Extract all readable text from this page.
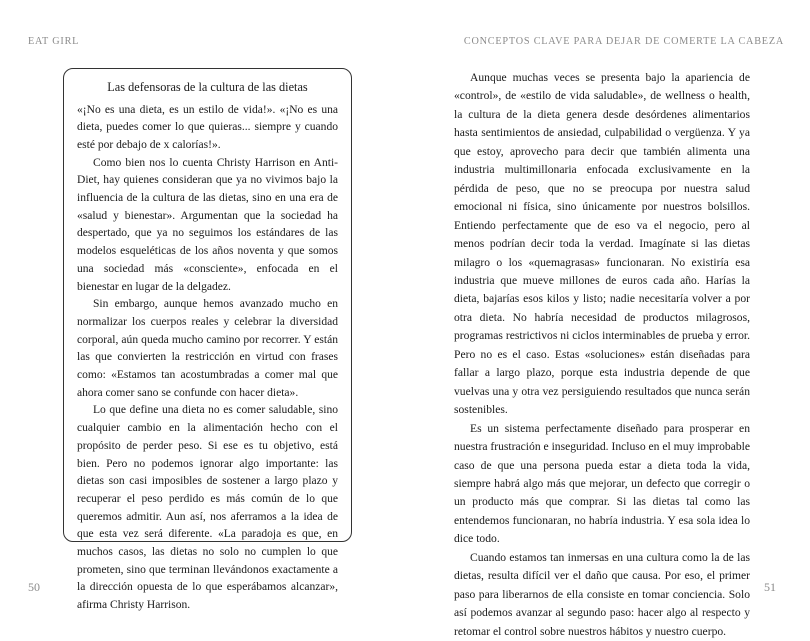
EAT GIRL
Las defensoras de la cultura de las dietas

«¡No es una dieta, es un estilo de vida!». «¡No es una dieta, puedes comer lo que quieras... siempre y cuando esté por debajo de x calorías!».

Como bien nos lo cuenta Christy Harrison en Anti-Diet, hay quienes consideran que ya no vivimos bajo la influencia de la cultura de las dietas, sino en una era de «salud y bienestar». Argumentan que la sociedad ha despertado, que ya no seguimos los estándares de las modelos esqueléticas de los años noventa y que somos una sociedad más «consciente», enfocada en el bienestar en lugar de la delgadez.

Sin embargo, aunque hemos avanzado mucho en normalizar los cuerpos reales y celebrar la diversidad corporal, aún queda mucho camino por recorrer. Y están las que convierten la restricción en virtud con frases como: «Estamos tan acostumbradas a comer mal que ahora comer sano se confunde con hacer dieta».

Lo que define una dieta no es comer saludable, sino cualquier cambio en la alimentación hecho con el propósito de perder peso. Si ese es tu objetivo, está bien. Pero no podemos ignorar algo importante: las dietas son casi imposibles de sostener a largo plazo y recuperar el peso perdido es más común de lo que queremos admitir. Aun así, nos aferramos a la idea de que esta vez será diferente. «La paradoja es que, en muchos casos, las dietas no solo no cumplen lo que prometen, sino que terminan llevándonos exactamente a la dirección opuesta de lo que esperábamos alcanzar», afirma Christy Harrison.

50
CONCEPTOS CLAVE PARA DEJAR DE COMERTE LA CABEZA
51

Aunque muchas veces se presenta bajo la apariencia de «control», de «estilo de vida saludable», de wellness o health, la cultura de la dieta genera desde desórdenes alimentarios hasta sentimientos de ansiedad, culpabilidad o vergüenza. Y ya que estoy, aprovecho para decir que también alimenta una industria multimillonaria enfocada exclusivamente en la pérdida de peso, que no se preocupa por nuestra salud emocional ni física, sino únicamente por nuestros bolsillos. Entiendo perfectamente que de eso va el negocio, pero al menos podrían decir toda la verdad. Imagínate si las dietas milagro o los «quemagrasas» funcionaran. No existiría esa industria que mueve millones de euros cada año. Harías la dieta, bajarías esos kilos y listo; nadie necesitaría volver a por otra dieta. No habría necesidad de productos milagrosos, programas restrictivos ni ciclos interminables de prueba y error. Pero no es el caso. Estas «soluciones» están diseñadas para fallar a largo plazo, porque esta industria depende de que vuelvas una y otra vez persiguiendo resultados que nunca serán sostenibles.

Es un sistema perfectamente diseñado para prosperar en nuestra frustración e inseguridad. Incluso en el muy improbable caso de que una persona pueda estar a dieta toda la vida, siempre habrá algo más que mejorar, un defecto que corregir o un producto más que comprar. Si las dietas tal como las entendemos funcionaran, no habría industria. Y esa sola idea lo dice todo.

Cuando estamos tan inmersas en una cultura como la de las dietas, resulta difícil ver el daño que causa. Por eso, el primer paso para liberarnos de ella consiste en tomar conciencia. Solo así podemos avanzar al segundo paso: hacer algo al respecto y retomar el control sobre nuestros hábitos y nuestro cuerpo.
